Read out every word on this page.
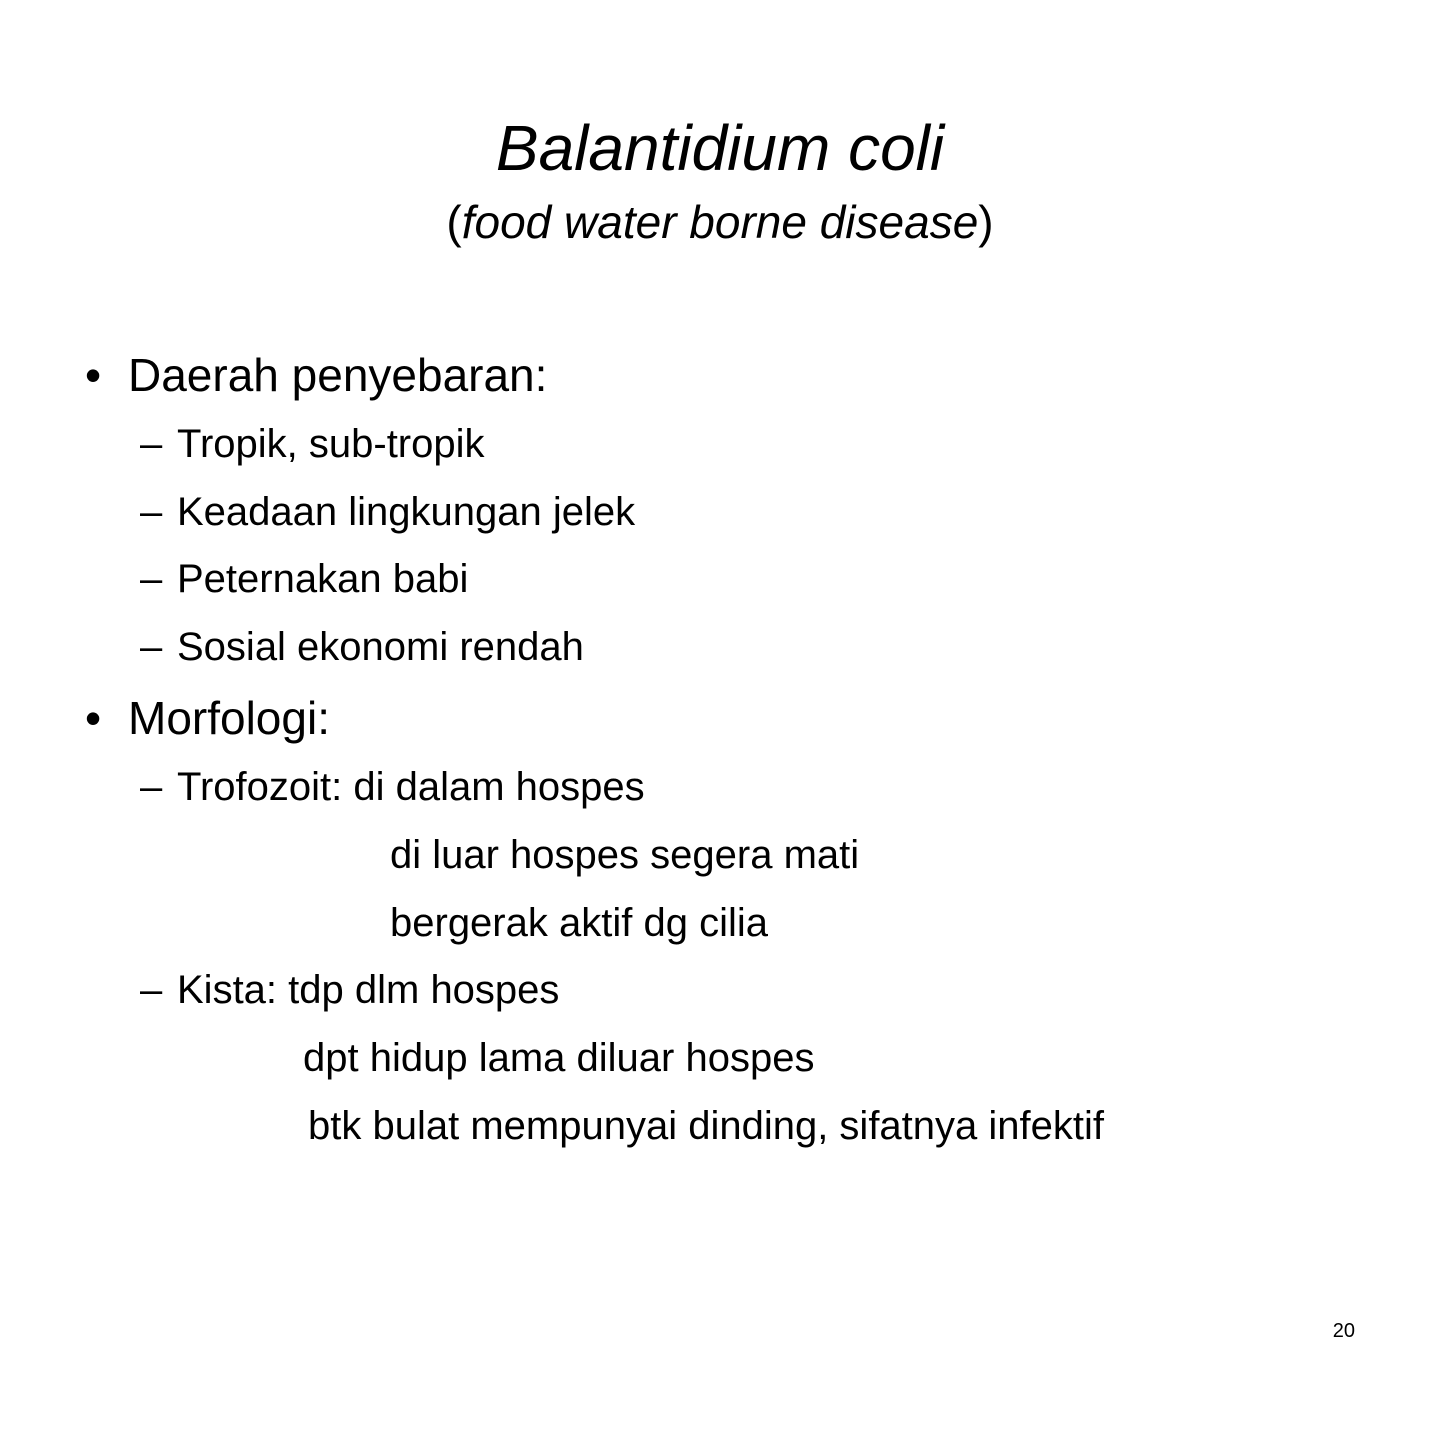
Balantidium coli
(food water borne disease)
• Daerah penyebaran:
– Tropik, sub-tropik
– Keadaan lingkungan jelek
– Peternakan babi
– Sosial ekonomi rendah
• Morfologi:
– Trofozoit: di dalam hospes
di luar hospes segera mati
bergerak aktif dg cilia
– Kista: tdp dlm hospes
dpt hidup lama diluar hospes
btk bulat mempunyai dinding, sifatnya infektif
20
